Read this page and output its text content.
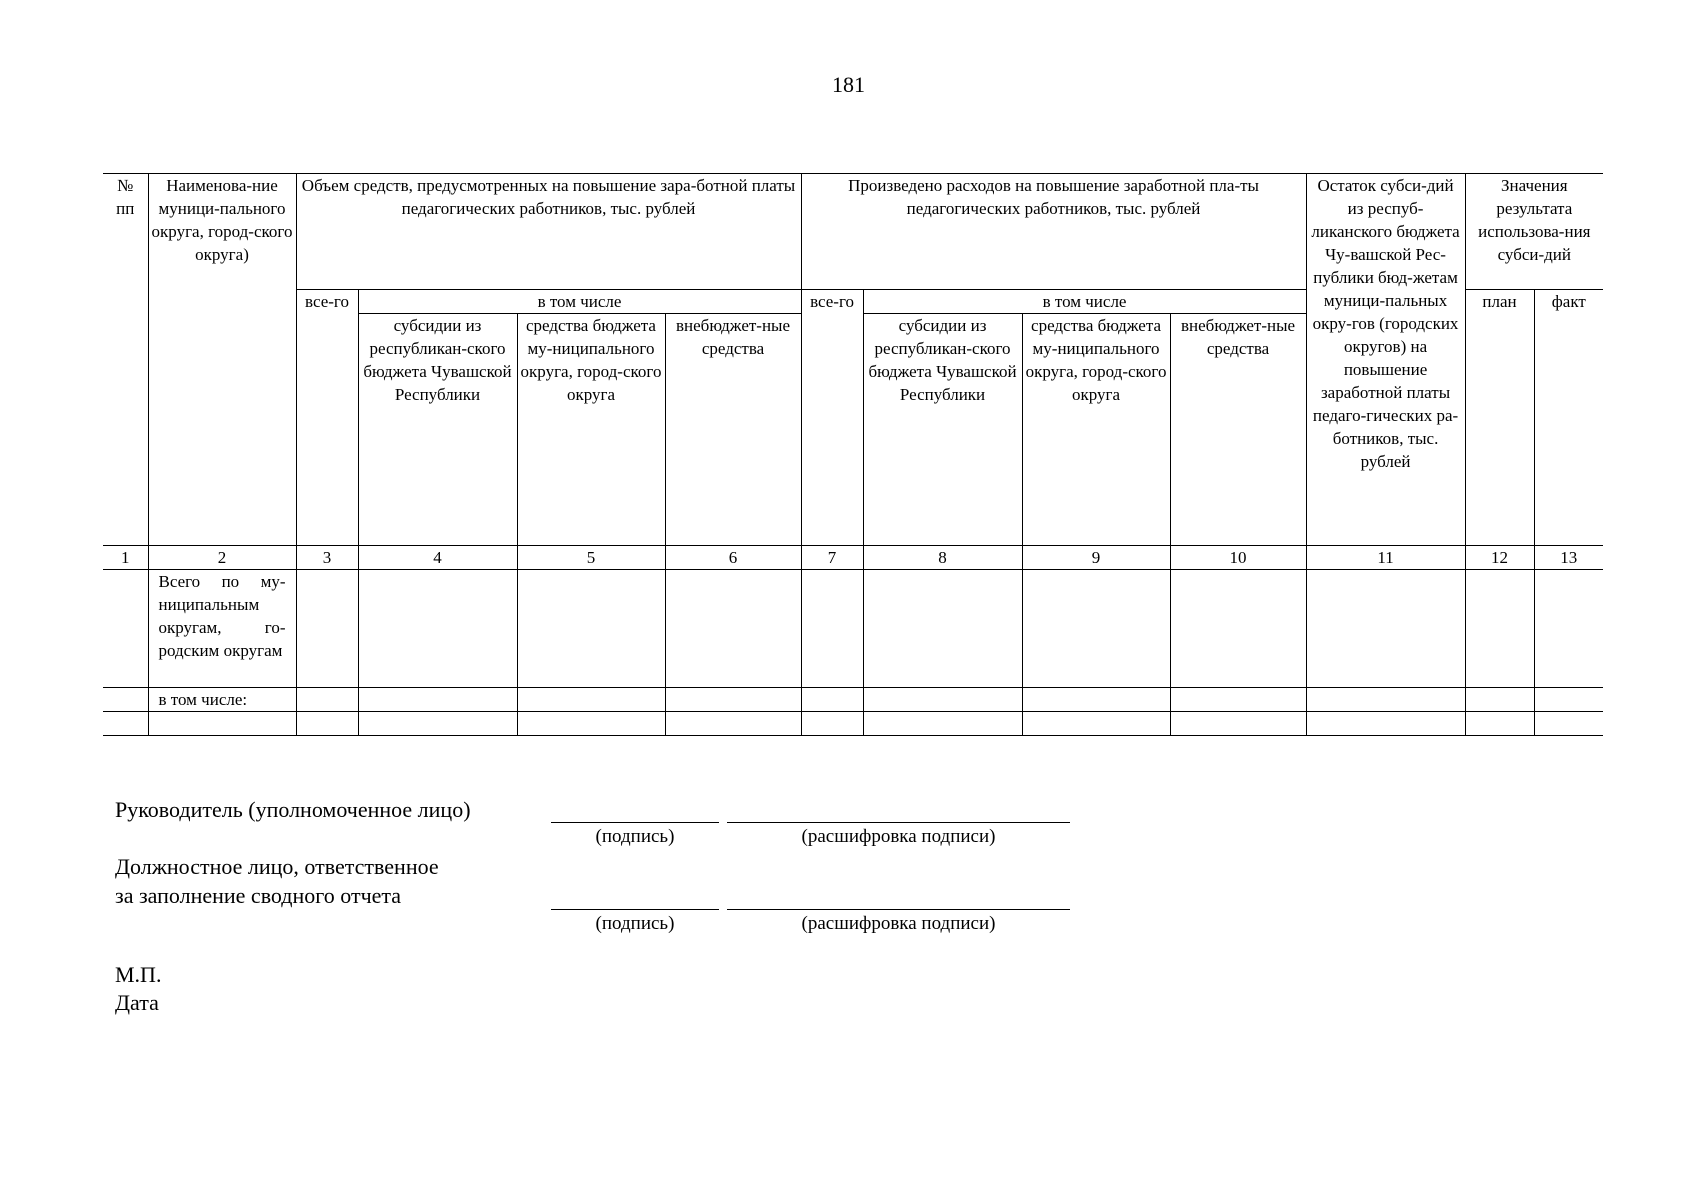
181
№ пп	Наименова-ние муници-пального округа, город-ского округа)	Объем средств, предусмотренных на повышение зара-ботной платы педагогических работников, тыс. рублей				Произведено расходов на повышение заработной пла-ты педагогических работников, тыс. рублей				Остаток субси-дий из респуб-ликанского бюджета Чу-вашской Рес-публики бюд-жетам муници-пальных окру-гов (городских округов) на повышение заработной платы педаго-гических ра-ботников, тыс. рублей	Значения результата использова-ния субси-дий	
		все-го	в том числе			все-го	в том числе				план	факт
			субсидии из республикан-ского бюджета Чувашской Республики	средства бюджета му-ниципального округа, город-ского округа	внебюджет-ные средства		субсидии из республикан-ского бюджета Чувашской Республики	средства бюджета му-ниципального округа, город-ского округа	внебюджет-ные средства			
1	2	3	4	5	6	7	8	9	10	11	12	13
	Всего по му-ниципальным округам, го-родским округам											
	в том числе:											

Руководитель (уполномоченное лицо)
(подпись)	(расшифровка подписи)
Должностное лицо, ответственное
за заполнение сводного отчета
(подпись)	(расшифровка подписи)
М.П.
Дата
